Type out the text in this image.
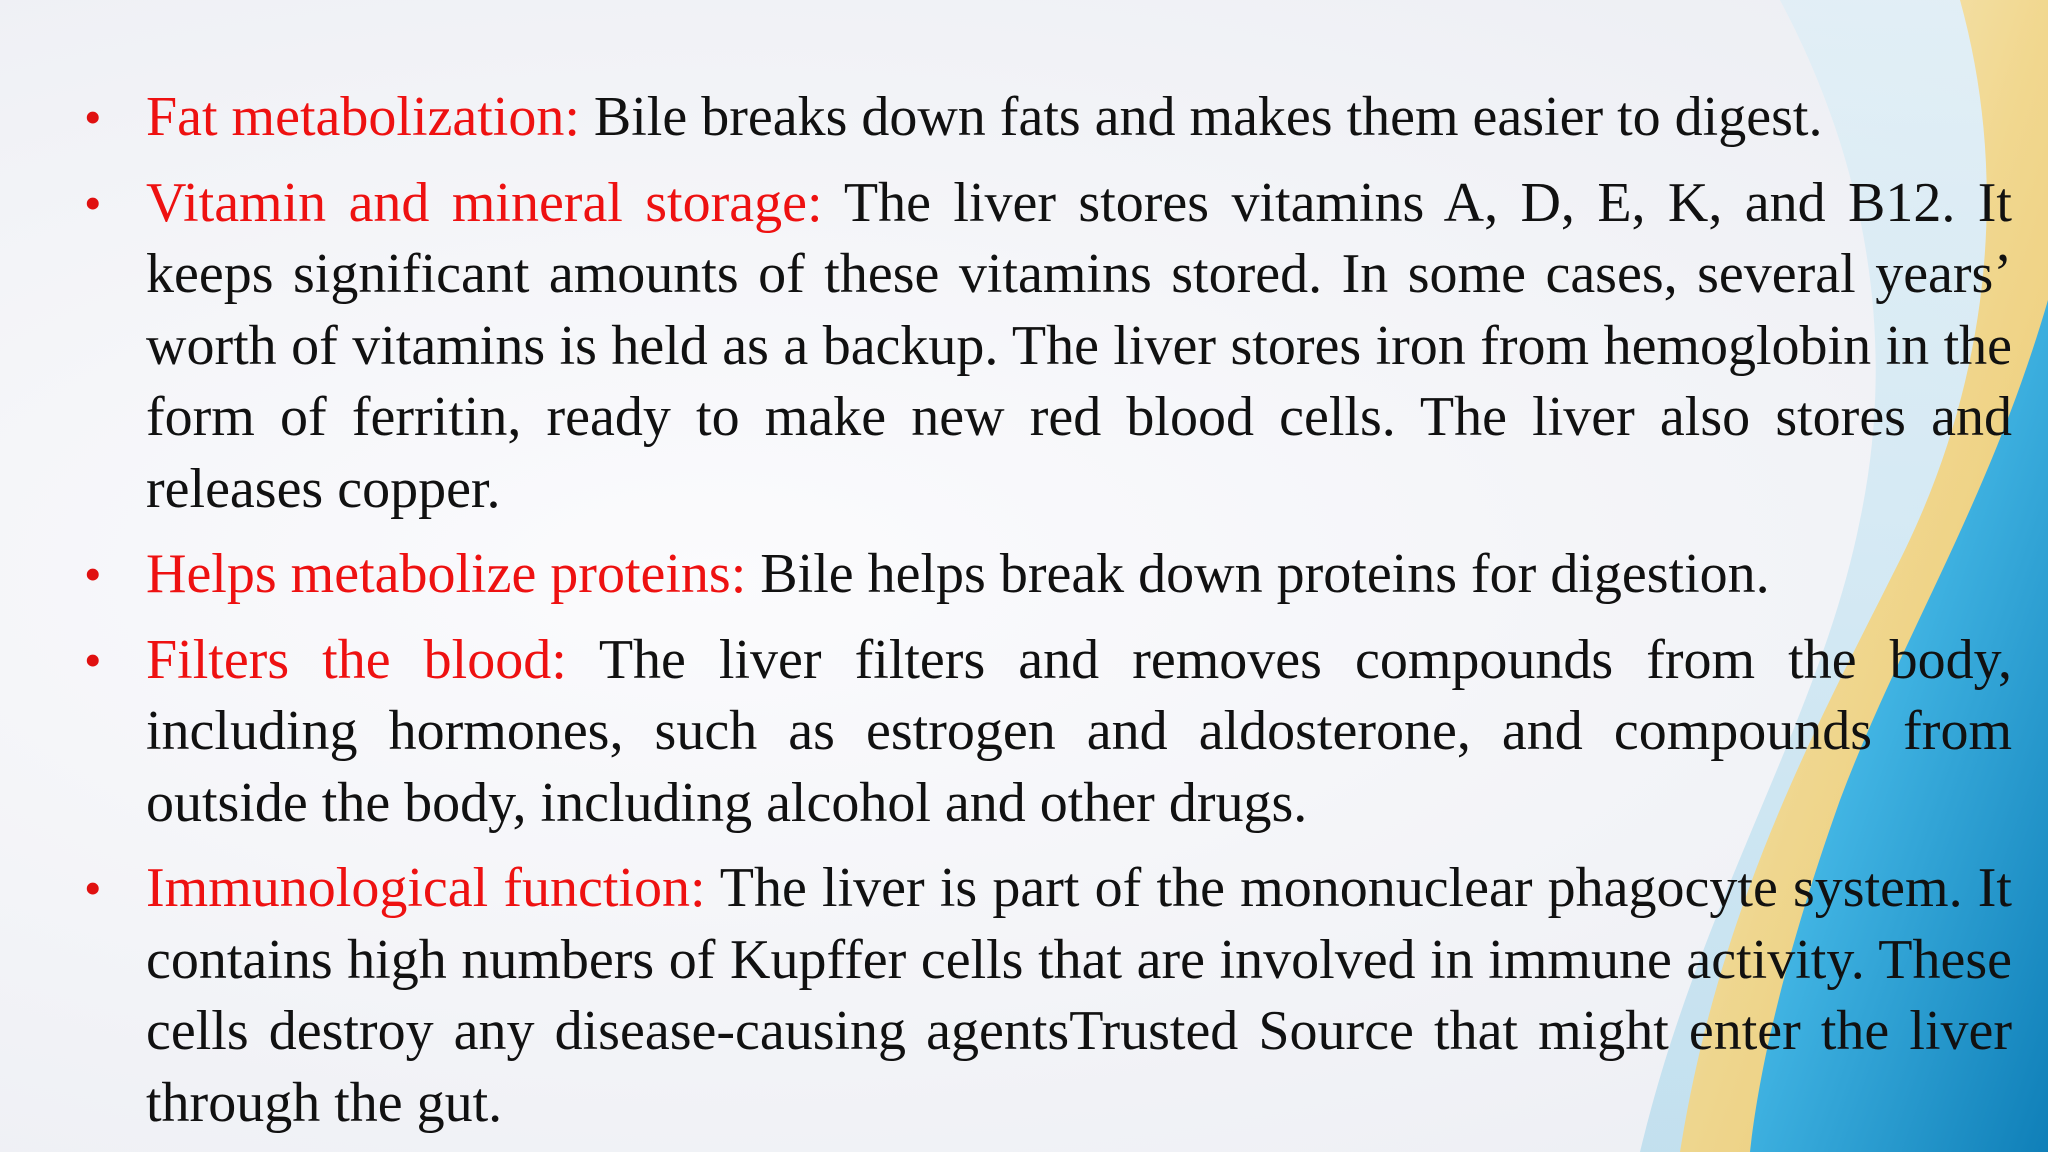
• Fat metabolization: Bile breaks down fats and makes them easier to digest.
• Vitamin and mineral storage: The liver stores vitamins A, D, E, K, and B12. It keeps significant amounts of these vitamins stored. In some cases, several years’ worth of vitamins is held as a backup. The liver stores iron from hemoglobin in the form of ferritin, ready to make new red blood cells. The liver also stores and releases copper.
• Helps metabolize proteins: Bile helps break down proteins for digestion.
• Filters the blood: The liver filters and removes compounds from the body, including hormones, such as estrogen and aldosterone, and compounds from outside the body, including alcohol and other drugs.
• Immunological function: The liver is part of the mononuclear phagocyte system. It contains high numbers of Kupffer cells that are involved in immune activity. These cells destroy any disease-causing agentsTrusted Source that might enter the liver through the gut.
